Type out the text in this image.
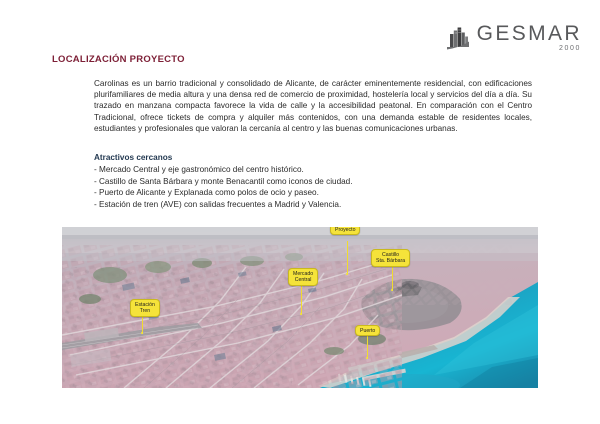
GESMAR
2000
LOCALIZACIÓN PROYECTO
Carolinas es un barrio tradicional y consolidado de Alicante, de carácter eminentemente residencial, con edificaciones plurifamiliares de media altura y una densa red de comercio de proximidad, hostelería local y servicios del día a día. Su trazado en manzana compacta favorece la vida de calle y la accesibilidad peatonal. En comparación con el Centro Tradicional, ofrece tickets de compra y alquiler más contenidos, con una demanda estable de residentes locales, estudiantes y profesionales que valoran la cercanía al centro y las buenas comunicaciones urbanas.
Atractivos cercanos
- Mercado Central y eje gastronómico del centro histórico.
- Castillo de Santa Bárbara y monte Benacantil como iconos de ciudad.
- Puerto de Alicante y Explanada como polos de ocio y paseo.
- Estación de tren (AVE) con salidas frecuentes a Madrid y Valencia.
Proyecto
Castillo
Sta. Bárbara
Mercado
Central
Estación
Tren
Puerto
